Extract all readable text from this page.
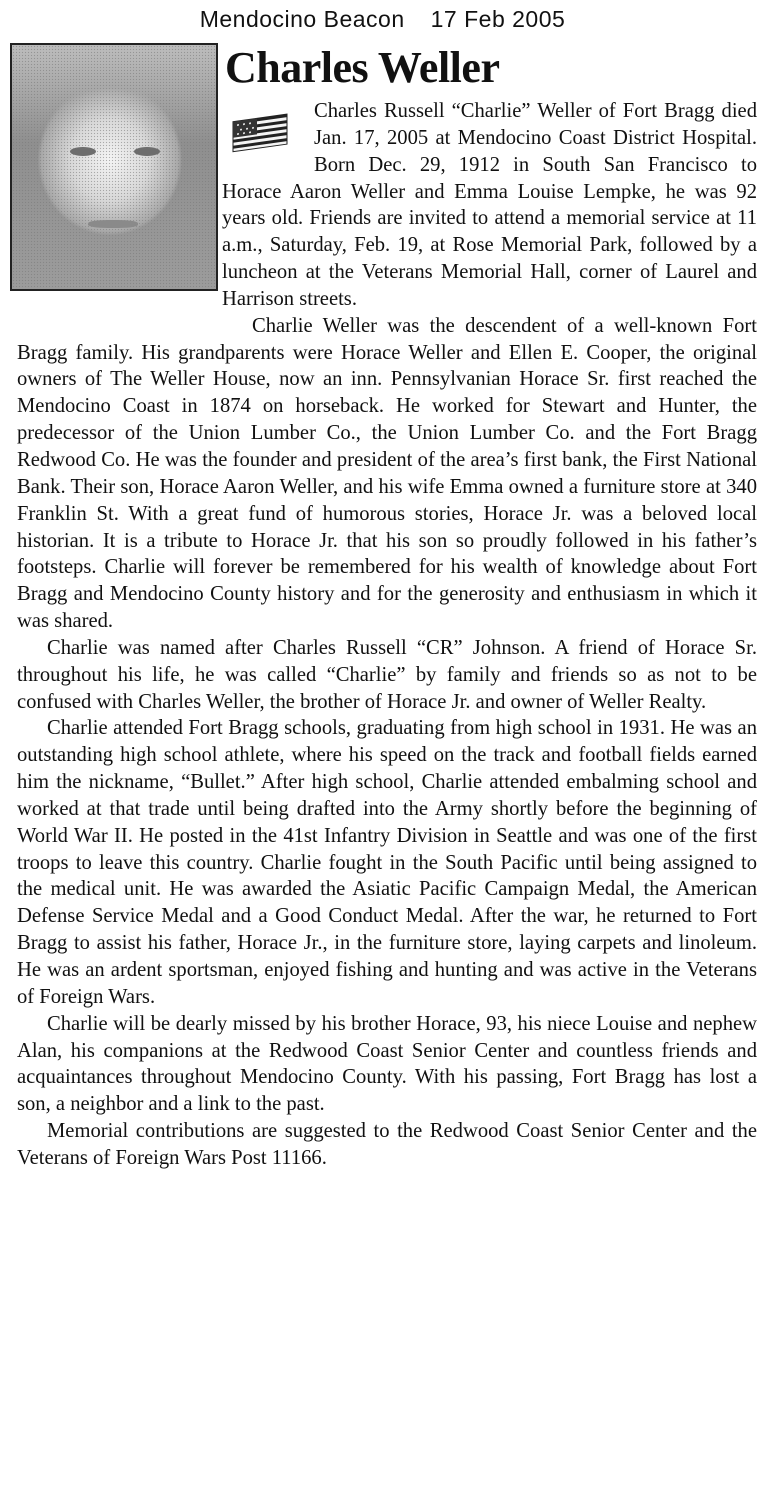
Mendocino Beacon 17 Feb 2005
Charles Weller

Charles Russell “Charlie” Weller of Fort Bragg died Jan. 17, 2005 at Mendocino Coast District Hospital. Born Dec. 29, 1912 in South San Francisco to Horace Aaron Weller and Emma Louise Lempke, he was 92 years old. Friends are invited to attend a memorial service at 11 a.m., Saturday, Feb. 19, at Rose Memorial Park, followed by a luncheon at the Veterans Memorial Hall, corner of Laurel and Harrison streets.

Charlie Weller was the descendent of a well-known Fort Bragg family. His grandparents were Horace Weller and Ellen E. Cooper, the original owners of The Weller House, now an inn. Pennsylvanian Horace Sr. first reached the Mendocino Coast in 1874 on horseback. He worked for Stewart and Hunter, the predecessor of the Union Lumber Co., the Union Lumber Co. and the Fort Bragg Redwood Co. He was the founder and president of the area’s first bank, the First National Bank. Their son, Horace Aaron Weller, and his wife Emma owned a furniture store at 340 Franklin St. With a great fund of humorous stories, Horace Jr. was a beloved local historian. It is a tribute to Horace Jr. that his son so proudly followed in his father’s footsteps. Charlie will forever be remembered for his wealth of knowledge about Fort Bragg and Mendocino County history and for the generosity and enthusiasm in which it was shared.

Charlie was named after Charles Russell “CR” Johnson. A friend of Horace Sr. throughout his life, he was called “Charlie” by family and friends so as not to be confused with Charles Weller, the brother of Horace Jr. and owner of Weller Realty.

Charlie attended Fort Bragg schools, graduating from high school in 1931. He was an outstanding high school athlete, where his speed on the track and football fields earned him the nickname, “Bullet.” After high school, Charlie attended embalming school and worked at that trade until being drafted into the Army shortly before the beginning of World War II. He posted in the 41st Infantry Division in Seattle and was one of the first troops to leave this country. Charlie fought in the South Pacific until being assigned to the medical unit. He was awarded the Asiatic Pacific Campaign Medal, the American Defense Service Medal and a Good Conduct Medal. After the war, he returned to Fort Bragg to assist his father, Horace Jr., in the furniture store, laying carpets and linoleum. He was an ardent sportsman, enjoyed fishing and hunting and was active in the Veterans of Foreign Wars.

Charlie will be dearly missed by his brother Horace, 93, his niece Louise and nephew Alan, his companions at the Redwood Coast Senior Center and countless friends and acquaintances throughout Mendocino County. With his passing, Fort Bragg has lost a son, a neighbor and a link to the past.

Memorial contributions are suggested to the Redwood Coast Senior Center and the Veterans of Foreign Wars Post 11166.
